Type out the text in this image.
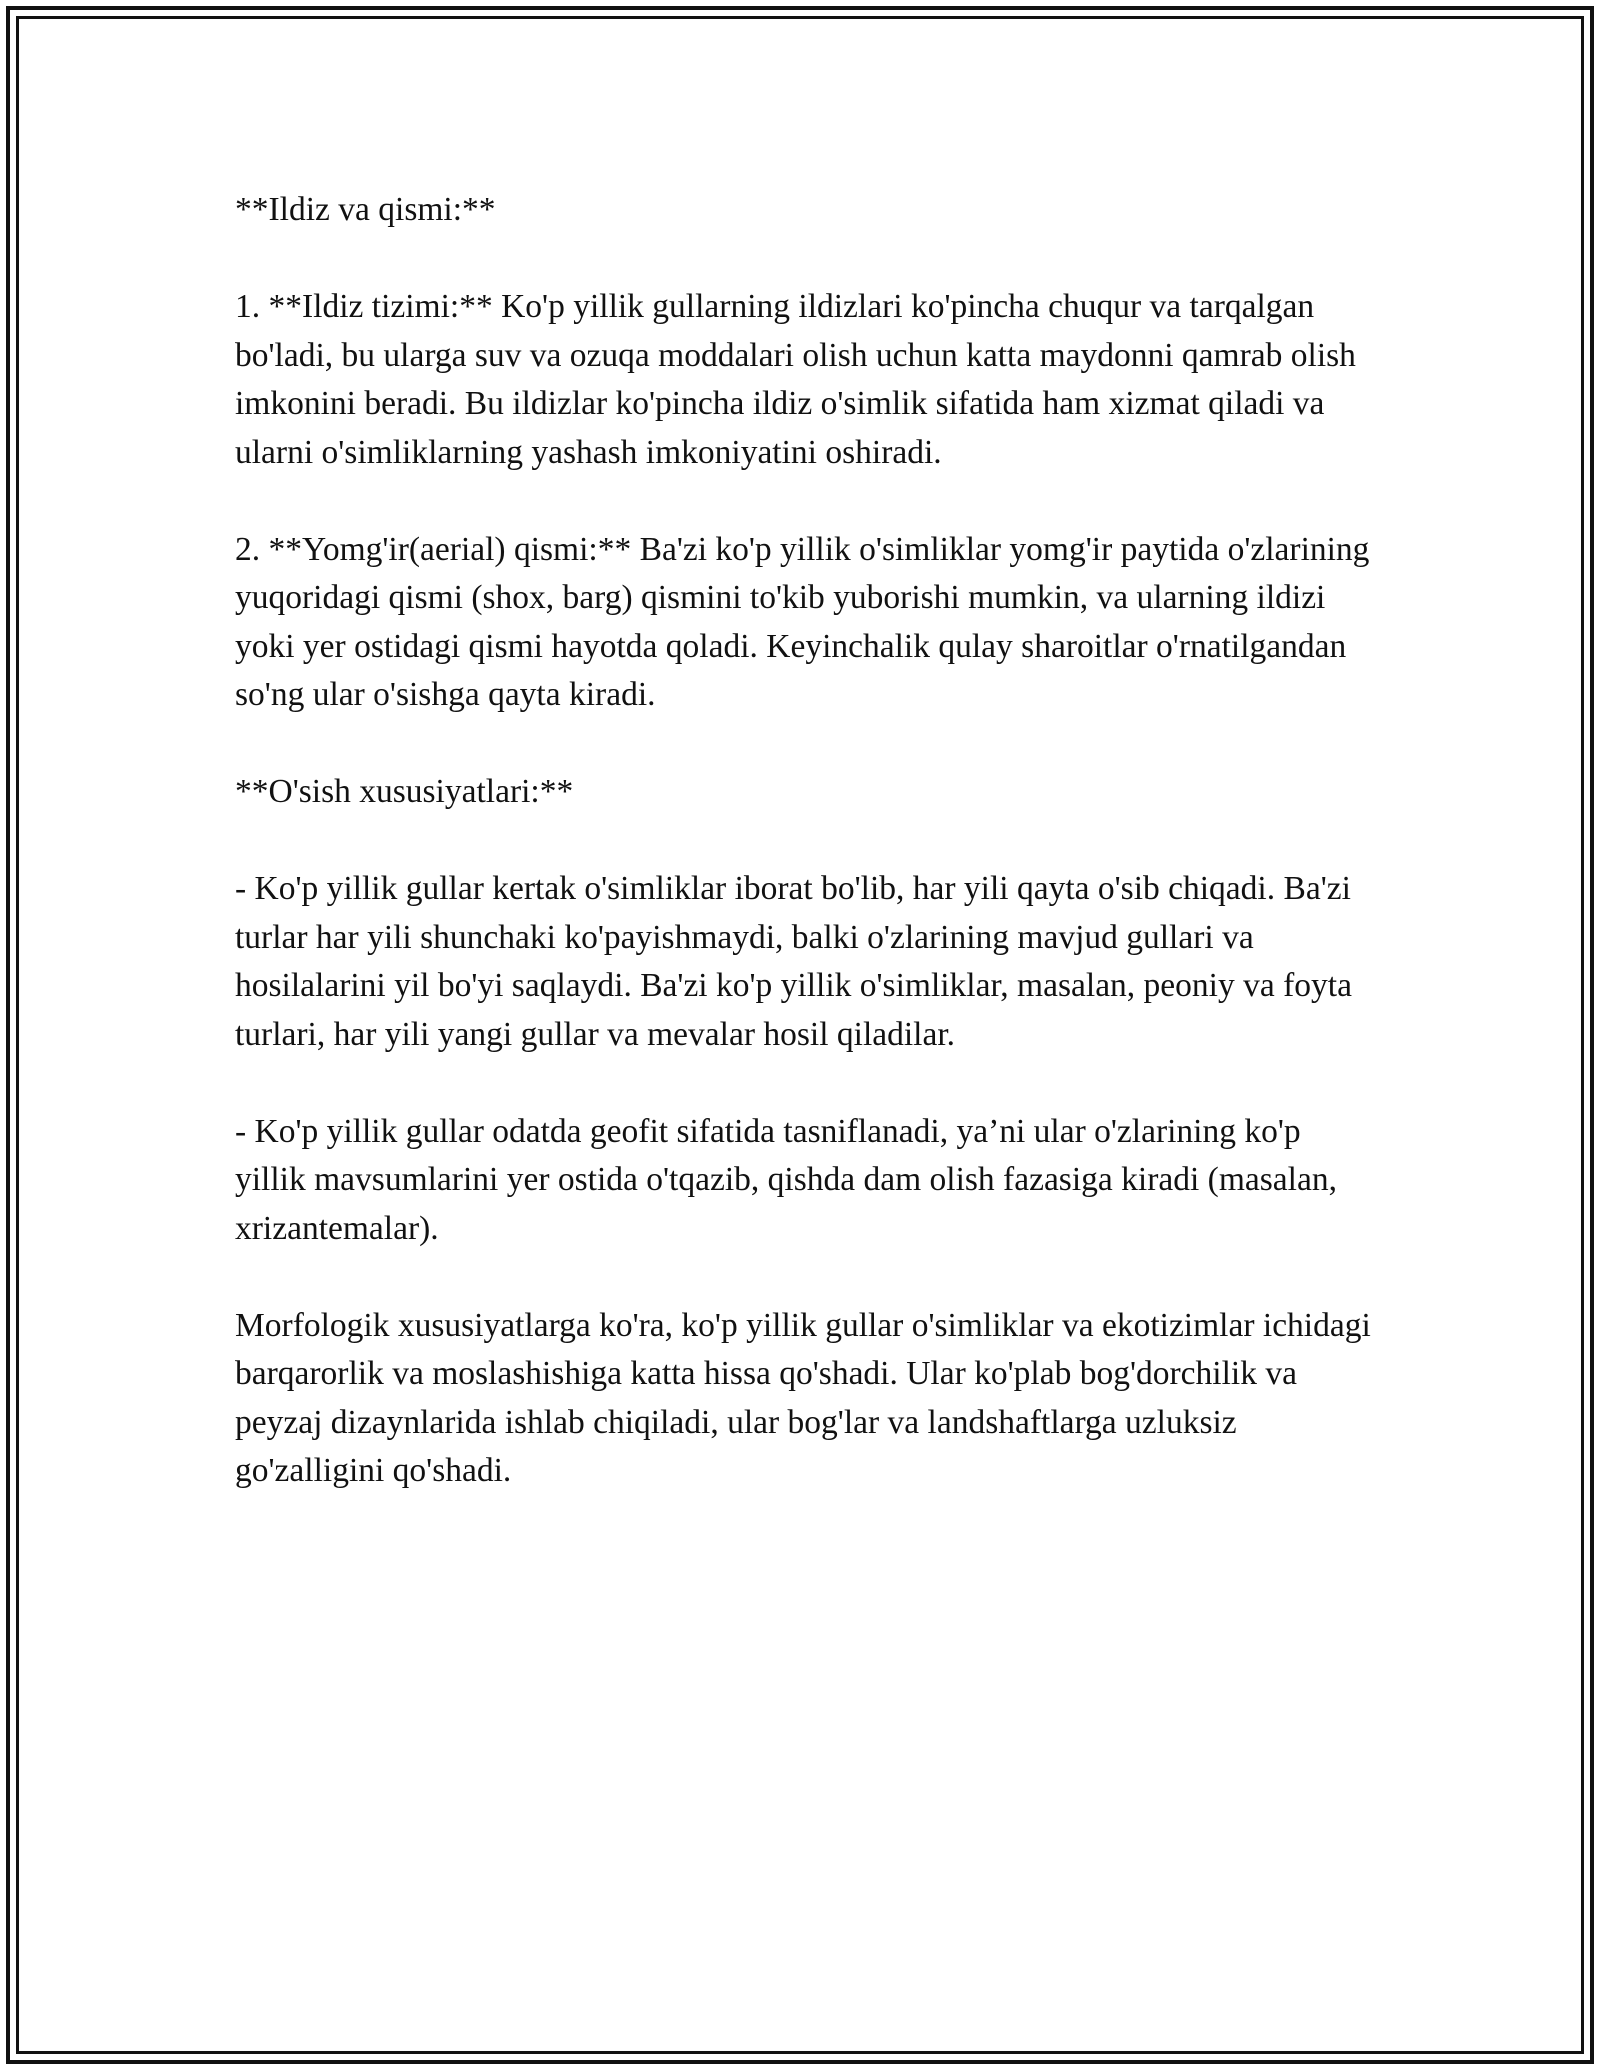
**Ildiz va qismi:**

1. **Ildiz tizimi:** Ko'p yillik gullarning ildizlari ko'pincha chuqur va tarqalgan bo'ladi, bu ularga suv va ozuqa moddalari olish uchun katta maydonni qamrab olish imkonini beradi. Bu ildizlar ko'pincha ildiz o'simlik sifatida ham xizmat qiladi va ularni o'simliklarning yashash imkoniyatini oshiradi.

2. **Yomg'ir(aerial) qismi:** Ba'zi ko'p yillik o'simliklar yomg'ir paytida o'zlarining yuqoridagi qismi (shox, barg) qismini to'kib yuborishi mumkin, va ularning ildizi yoki yer ostidagi qismi hayotda qoladi. Keyinchalik qulay sharoitlar o'rnatilgandan so'ng ular o'sishga qayta kiradi.

**O'sish xususiyatlari:**

- Ko'p yillik gullar kertak o'simliklar iborat bo'lib, har yili qayta o'sib chiqadi. Ba'zi turlar har yili shunchaki ko'payishmaydi, balki o'zlarining mavjud gullari va hosilalarini yil bo'yi saqlaydi. Ba'zi ko'p yillik o'simliklar, masalan, peoniy va foyta turlari, har yili yangi gullar va mevalar hosil qiladilar.

- Ko'p yillik gullar odatda geofit sifatida tasniflanadi, ya’ni ular o'zlarining ko'p yillik mavsumlarini yer ostida o'tqazib, qishda dam olish fazasiga kiradi (masalan, xrizantemalar).

Morfologik xususiyatlarga ko'ra, ko'p yillik gullar o'simliklar va ekotizimlar ichidagi barqarorlik va moslashishiga katta hissa qo'shadi. Ular ko'plab bog'dorchilik va peyzaj dizaynlarida ishlab chiqiladi, ular bog'lar va landshaftlarga uzluksiz go'zalligini qo'shadi.
